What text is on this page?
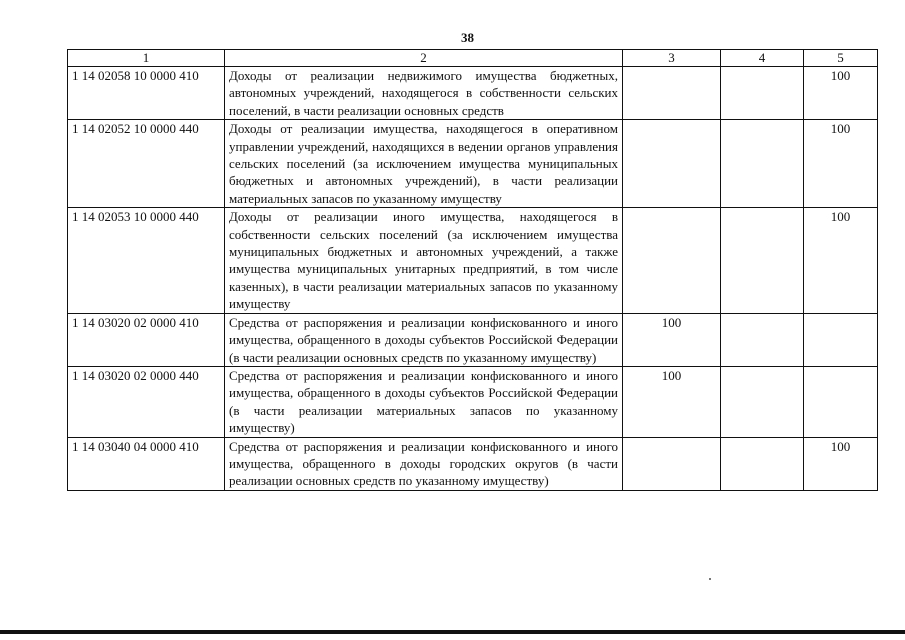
38
1	2	3	4	5
1 14 02058 10 0000 410	Доходы от реализации недвижимого имущества бюджетных, автономных учреждений, находящегося в собственности сельских поселений, в части реализации основных средств			100
1 14 02052 10 0000 440	Доходы от реализации имущества, находящегося в оперативном управлении учреждений, находящихся в ведении органов управления сельских поселений (за исключением имущества муниципальных бюджетных и автономных учреждений), в части реализации материальных запасов по указанному имуществу			100
1 14 02053 10 0000 440	Доходы от реализации иного имущества, находящегося в собственности сельских поселений (за исключением имущества муниципальных бюджетных и автономных учреждений, а также имущества муниципальных унитарных предприятий, в том числе казенных), в части реализации материальных запасов по указанному имуществу			100
1 14 03020 02 0000 410	Средства от распоряжения и реализации конфискованного и иного имущества, обращенного в доходы субъектов Российской Федерации (в части реализации основных средств по указанному имуществу)	100		
1 14 03020 02 0000 440	Средства от распоряжения и реализации конфискованного и иного имущества, обращенного в доходы субъектов Российской Федерации (в части реализации материальных запасов по указанному имуществу)	100		
1 14 03040 04 0000 410	Средства от распоряжения и реализации конфискованного и иного имущества, обращенного в доходы городских округов (в части реализации основных средств по указанному имуществу)			100
